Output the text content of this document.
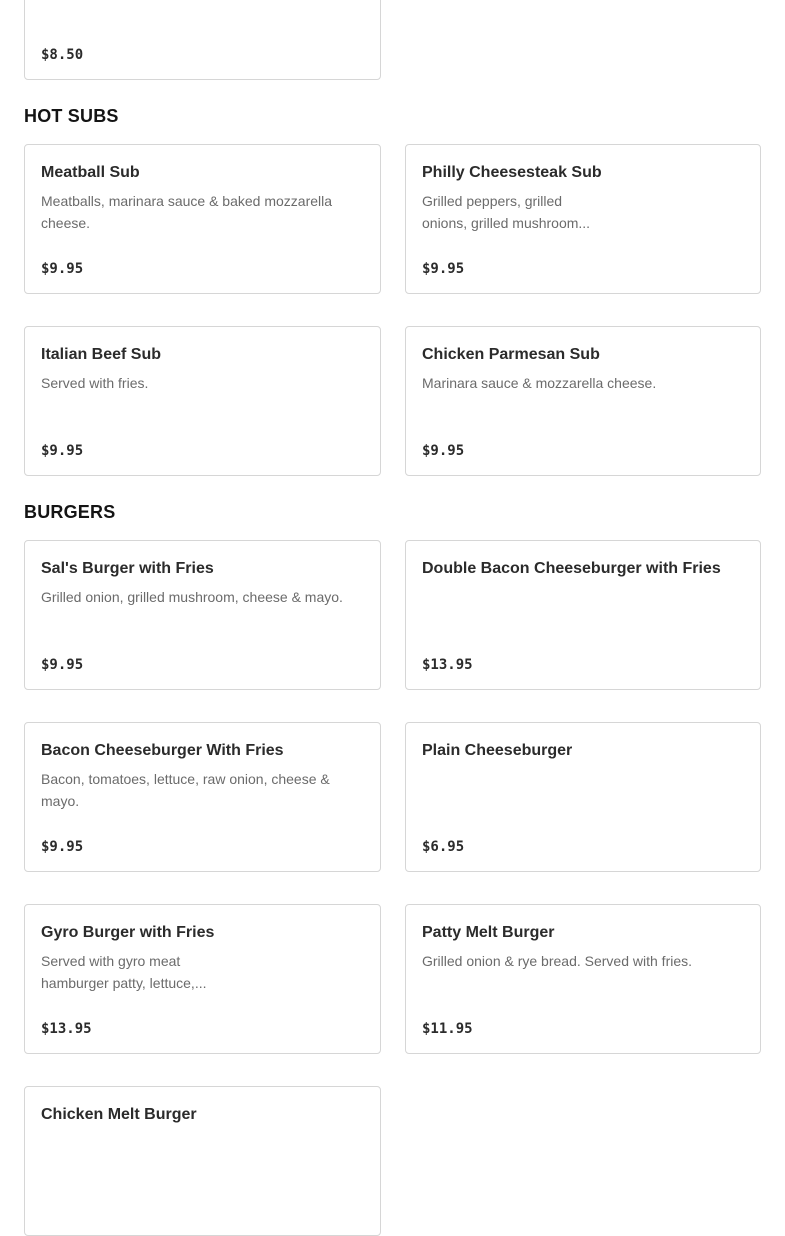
$8.50
HOT SUBS
Meatball Sub
Meatballs, marinara sauce & baked mozzarella
cheese.
$9.95
Philly Cheesesteak Sub
Grilled peppers, grilled
onions, grilled mushroom...
$9.95
Italian Beef Sub
Served with fries.
$9.95
Chicken Parmesan Sub
Marinara sauce & mozzarella cheese.
$9.95
BURGERS
Sal's Burger with Fries
Grilled onion, grilled mushroom, cheese & mayo.
$9.95
Double Bacon Cheeseburger with Fries
$13.95
Bacon Cheeseburger With Fries
Bacon, tomatoes, lettuce, raw onion, cheese &
mayo.
$9.95
Plain Cheeseburger
$6.95
Gyro Burger with Fries
Served with gyro meat
hamburger patty, lettuce,...
$13.95
Patty Melt Burger
Grilled onion & rye bread. Served with fries.
$11.95
Chicken Melt Burger
